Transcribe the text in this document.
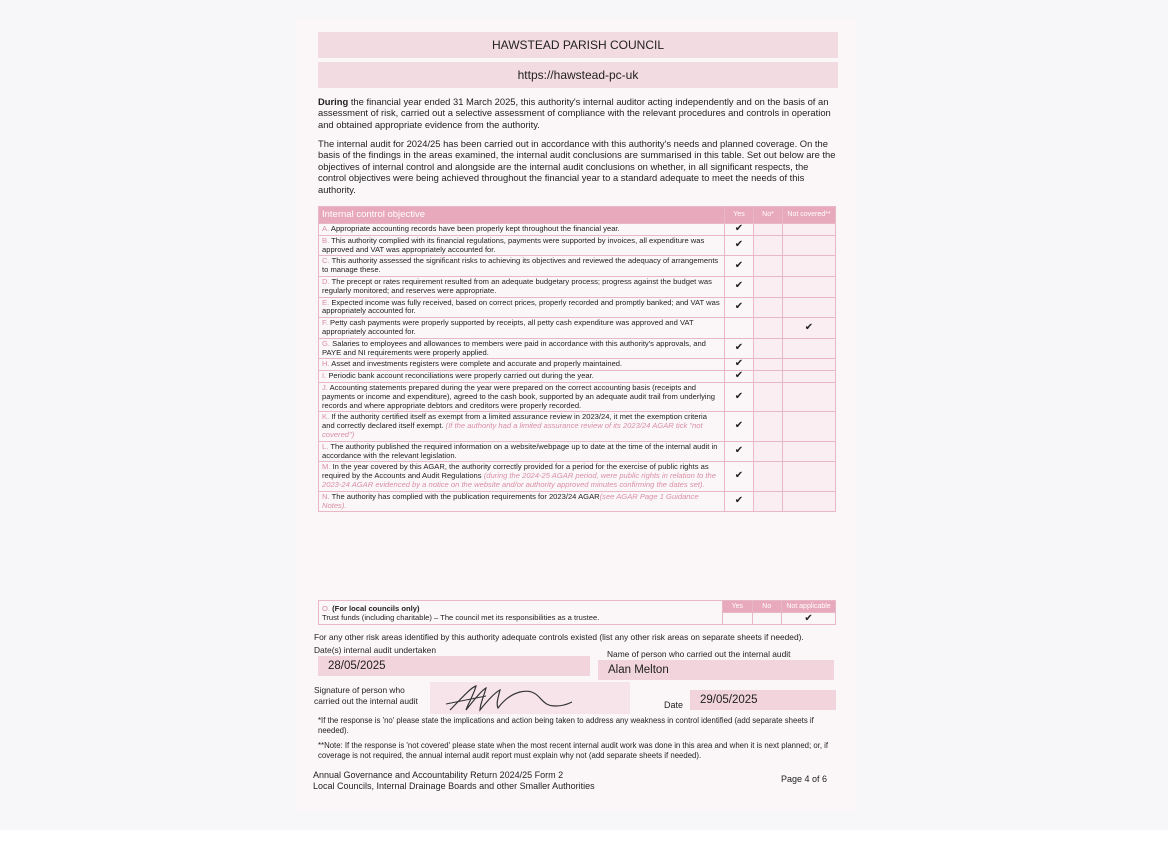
HAWSTEAD PARISH COUNCIL
https://hawstead-pc-uk
During the financial year ended 31 March 2025, this authority's internal auditor acting independently and on the basis of an assessment of risk, carried out a selective assessment of compliance with the relevant procedures and controls in operation and obtained appropriate evidence from the authority.
The internal audit for 2024/25 has been carried out in accordance with this authority's needs and planned coverage. On the basis of the findings in the areas examined, the internal audit conclusions are summarised in this table. Set out below are the objectives of internal control and alongside are the internal audit conclusions on whether, in all significant respects, the control objectives were being achieved throughout the financial year to a standard adequate to meet the needs of this authority.
Internal control objective	Yes	No*	Not covered**
A. Appropriate accounting records have been properly kept throughout the financial year.	✔		
B. This authority complied with its financial regulations, payments were supported by invoices, all expenditure was approved and VAT was appropriately accounted for.	✔		
C. This authority assessed the significant risks to achieving its objectives and reviewed the adequacy of arrangements to manage these.	✔		
D. The precept or rates requirement resulted from an adequate budgetary process; progress against the budget was regularly monitored; and reserves were appropriate.	✔		
E. Expected income was fully received, based on correct prices, properly recorded and promptly banked; and VAT was appropriately accounted for.	✔		
F. Petty cash payments were properly supported by receipts, all petty cash expenditure was approved and VAT appropriately accounted for.			✔
G. Salaries to employees and allowances to members were paid in accordance with this authority's approvals, and PAYE and NI requirements were properly applied.	✔		
H. Asset and investments registers were complete and accurate and properly maintained.	✔		
I. Periodic bank account reconciliations were properly carried out during the year.	✔		
J. Accounting statements prepared during the year were prepared on the correct accounting basis (receipts and payments or income and expenditure), agreed to the cash book, supported by an adequate audit trail from underlying records and where appropriate debtors and creditors were properly recorded.	✔		
K. If the authority certified itself as exempt from a limited assurance review in 2023/24, it met the exemption criteria and correctly declared itself exempt. (If the authority had a limited assurance review of its 2023/24 AGAR tick "not covered")	✔		
L. The authority published the required information on a website/webpage up to date at the time of the internal audit in accordance with the relevant legislation.	✔		
M. In the year covered by this AGAR, the authority correctly provided for a period for the exercise of public rights as required by the Accounts and Audit Regulations (during the 2024-25 AGAR period, were public rights in relation to the 2023-24 AGAR evidenced by a notice on the website and/or authority approved minutes confirming the dates set).	✔		
N. The authority has complied with the publication requirements for 2023/24 AGAR(see AGAR Page 1 Guidance Notes).	✔		
O. (For local councils only)
Trust funds (including charitable) – The council met its responsibilities as a trustee.	Yes	No	Not applicable
			✔
For any other risk areas identified by this authority adequate controls existed (list any other risk areas on separate sheets if needed).
Date(s) internal audit undertaken
28/05/2025
Name of person who carried out the internal audit
Alan Melton
Signature of person who
carried out the internal audit	Date	29/05/2025
*If the response is 'no' please state the implications and action being taken to address any weakness in control identified (add separate sheets if needed).
**Note: If the response is 'not covered' please state when the most recent internal audit work was done in this area and when it is next planned; or, if coverage is not required, the annual internal audit report must explain why not (add separate sheets if needed).
Annual Governance and Accountability Return 2024/25 Form 2
Local Councils, Internal Drainage Boards and other Smaller Authorities
Page 4 of 6
